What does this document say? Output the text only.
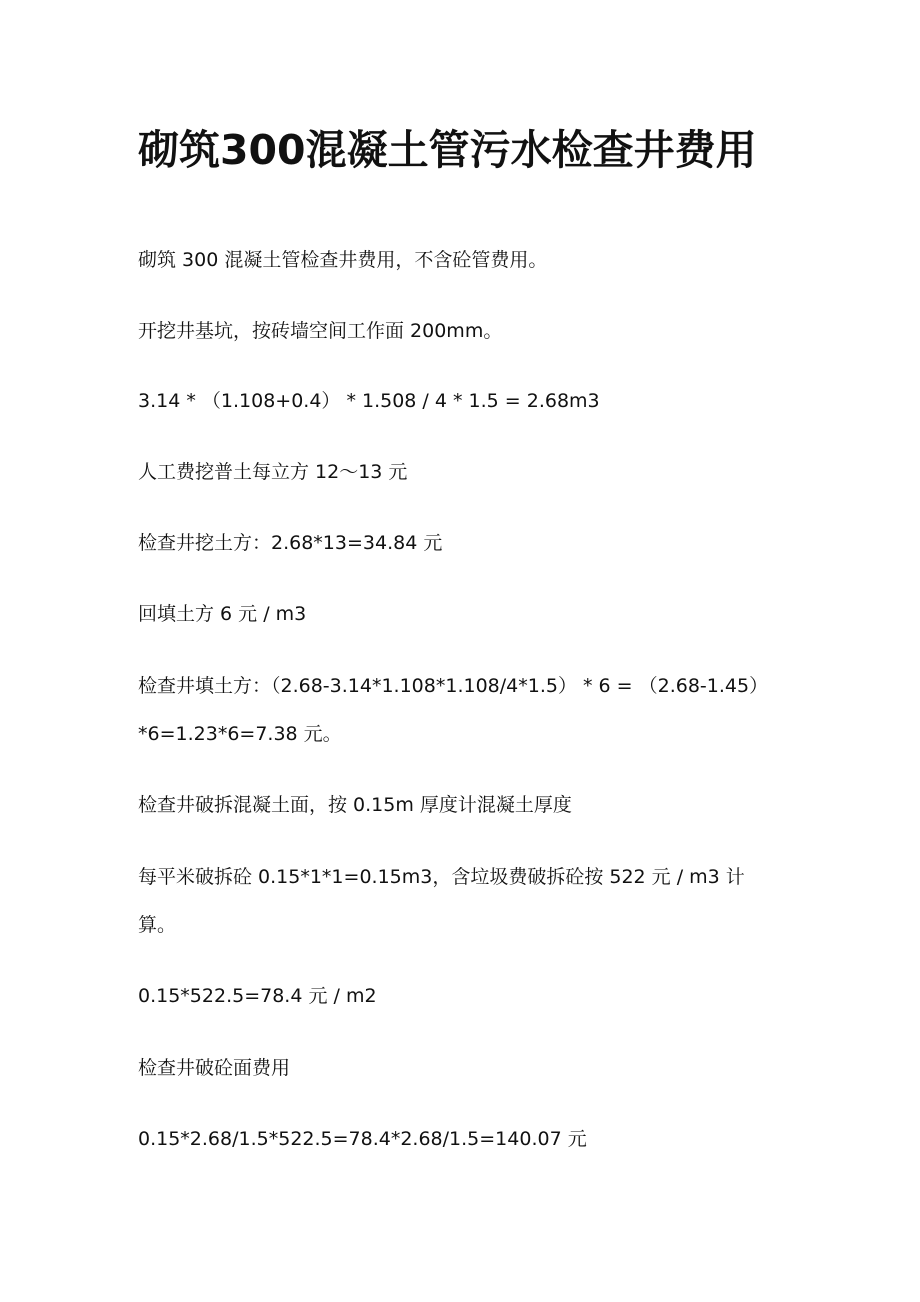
砌筑300混凝土管污水检查井费用

砌筑 300 混凝土管检查井费用，不含砼管费用。

开挖井基坑，按砖墙空间工作面 200mm。

3.14 * （1.108+0.4） * 1.508 / 4 * 1.5 = 2.68m3

人工费挖普土每立方 12～13 元

检查井挖土方：2.68*13=34.84 元

回填土方 6 元 / m3

检查井填土方：（2.68-3.14*1.108*1.108/4*1.5） * 6 = （2.68-1.45）

*6=1.23*6=7.38 元。

检查井破拆混凝土面，按 0.15m 厚度计混凝土厚度

每平米破拆砼 0.15*1*1=0.15m3，含垃圾费破拆砼按 522 元 / m3 计

算。

0.15*522.5=78.4 元 / m2

检查井破砼面费用

0.15*2.68/1.5*522.5=78.4*2.68/1.5=140.07 元
